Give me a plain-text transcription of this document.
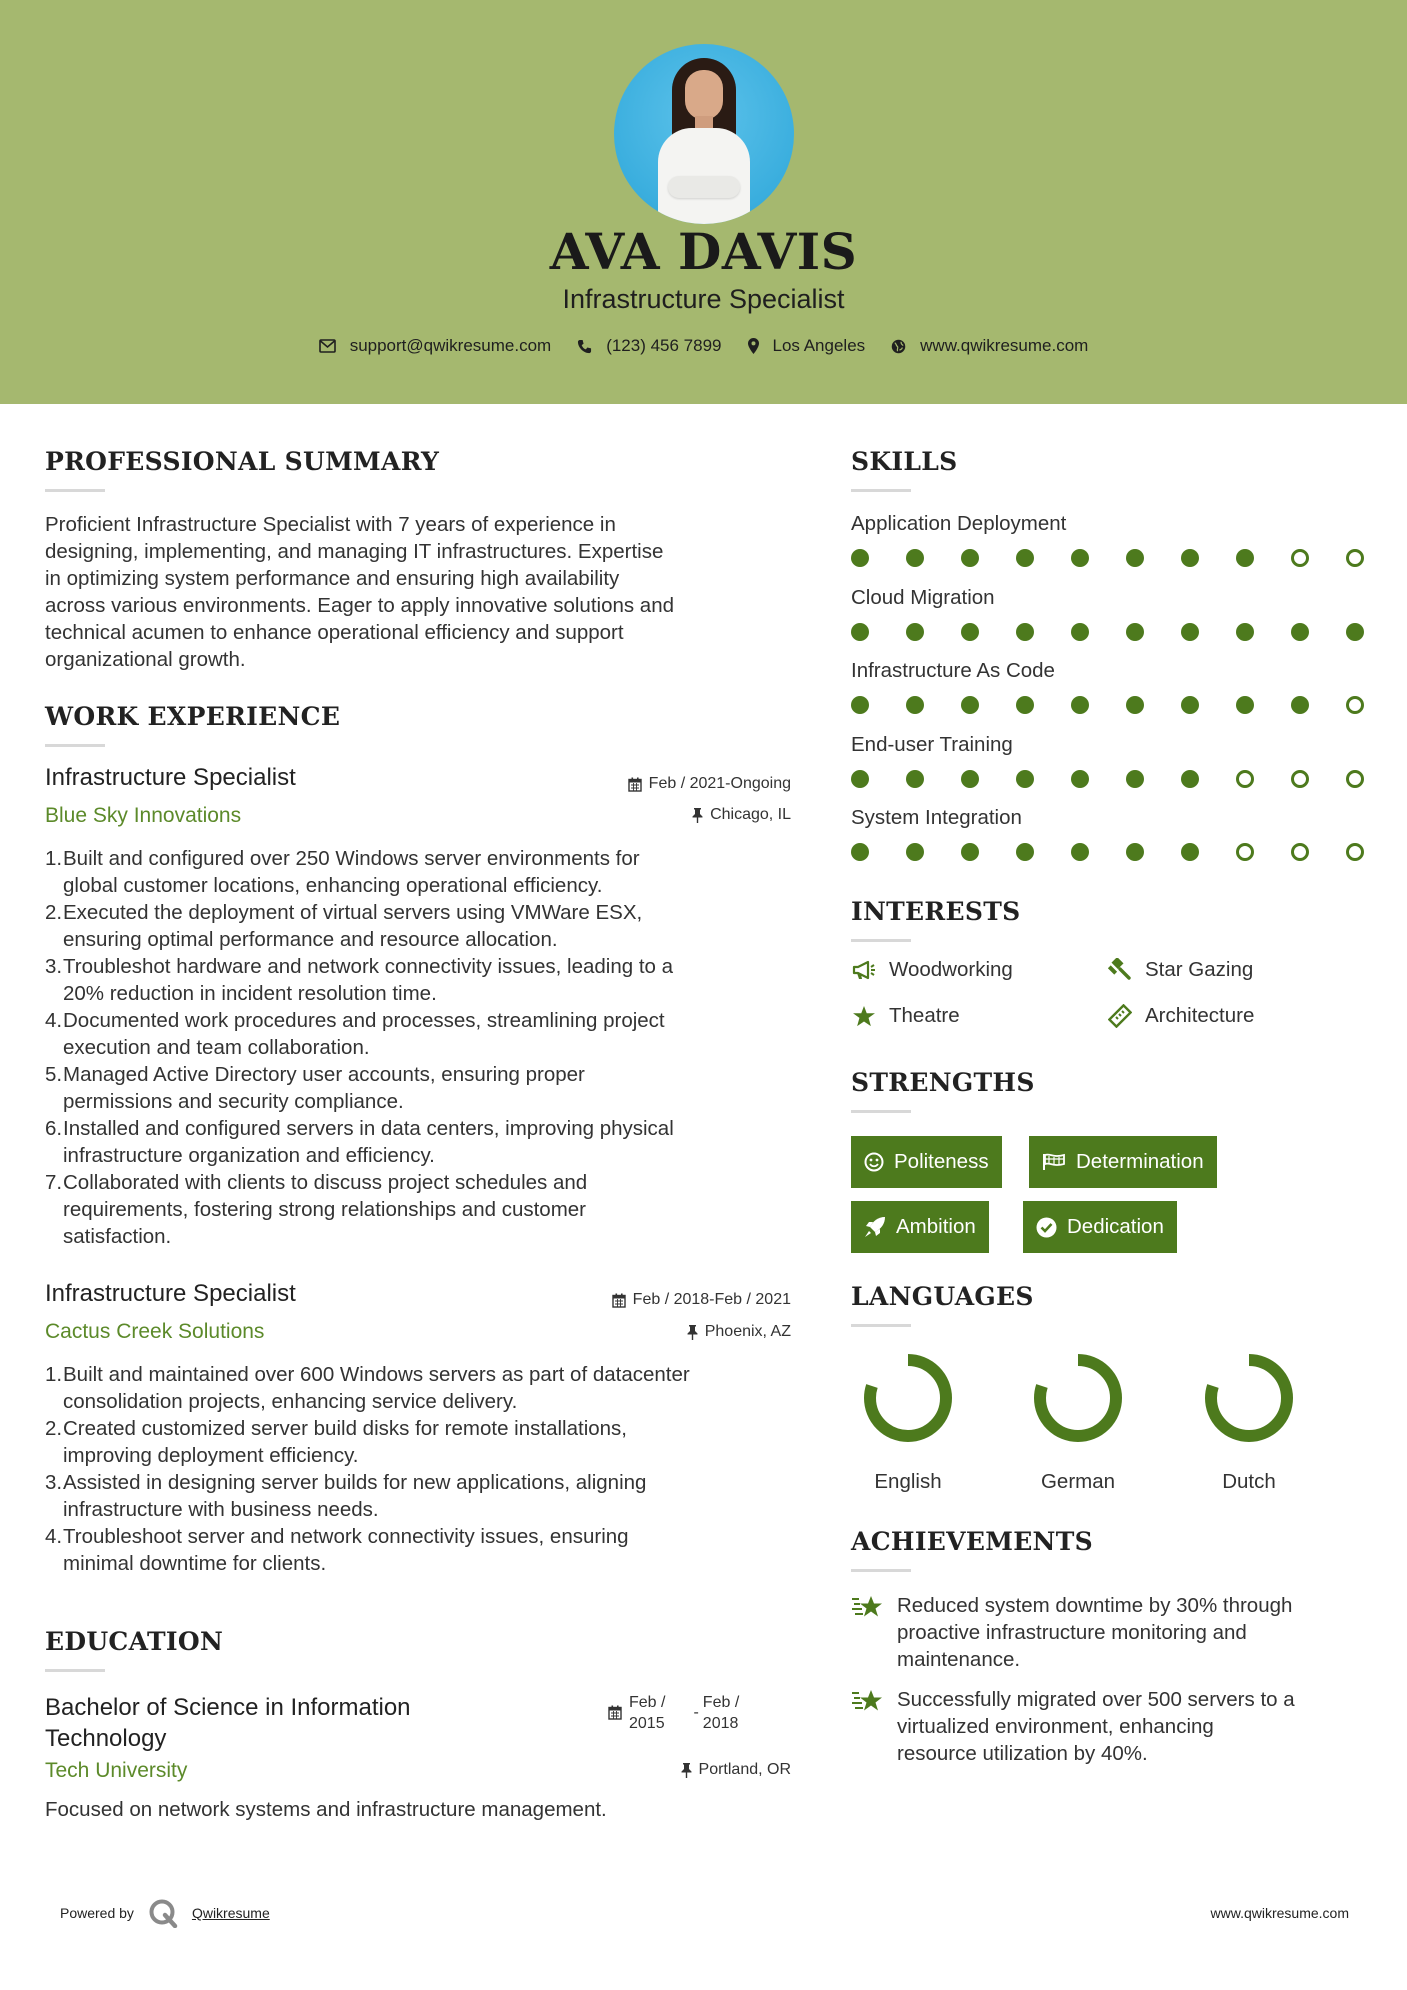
AVA DAVIS
Infrastructure Specialist
support@qwikresume.com	(123) 456 7899	Los Angeles	www.qwikresume.com
PROFESSIONAL SUMMARY
Proficient Infrastructure Specialist with 7 years of experience in
designing, implementing, and managing IT infrastructures. Expertise
in optimizing system performance and ensuring high availability
across various environments. Eager to apply innovative solutions and
technical acumen to enhance operational efficiency and support
organizational growth.
WORK EXPERIENCE
Infrastructure Specialist	Feb / 2021-Ongoing
Blue Sky Innovations	Chicago, IL
1. Built and configured over 250 Windows server environments for
global customer locations, enhancing operational efficiency.
2. Executed the deployment of virtual servers using VMWare ESX,
ensuring optimal performance and resource allocation.
3. Troubleshot hardware and network connectivity issues, leading to a
20% reduction in incident resolution time.
4. Documented work procedures and processes, streamlining project
execution and team collaboration.
5. Managed Active Directory user accounts, ensuring proper
permissions and security compliance.
6. Installed and configured servers in data centers, improving physical
infrastructure organization and efficiency.
7. Collaborated with clients to discuss project schedules and
requirements, fostering strong relationships and customer
satisfaction.
Infrastructure Specialist	Feb / 2018-Feb / 2021
Cactus Creek Solutions	Phoenix, AZ
1. Built and maintained over 600 Windows servers as part of datacenter
consolidation projects, enhancing service delivery.
2. Created customized server build disks for remote installations,
improving deployment efficiency.
3. Assisted in designing server builds for new applications, aligning
infrastructure with business needs.
4. Troubleshoot server and network connectivity issues, ensuring
minimal downtime for clients.
EDUCATION
Bachelor of Science in Information
Technology
Feb /
2015
-
Feb /
2018
Tech University	Portland, OR
Focused on network systems and infrastructure management.
SKILLS
Application Deployment
Cloud Migration
Infrastructure As Code
End-user Training
System Integration
INTERESTS
Woodworking	Star Gazing
Theatre	Architecture
STRENGTHS
Politeness	Determination
Ambition	Dedication
LANGUAGES
English	German	Dutch
ACHIEVEMENTS
Reduced system downtime by 30% through
proactive infrastructure monitoring and
maintenance.
Successfully migrated over 500 servers to a
virtualized environment, enhancing
resource utilization by 40%.
Powered by	Qwikresume	www.qwikresume.com
